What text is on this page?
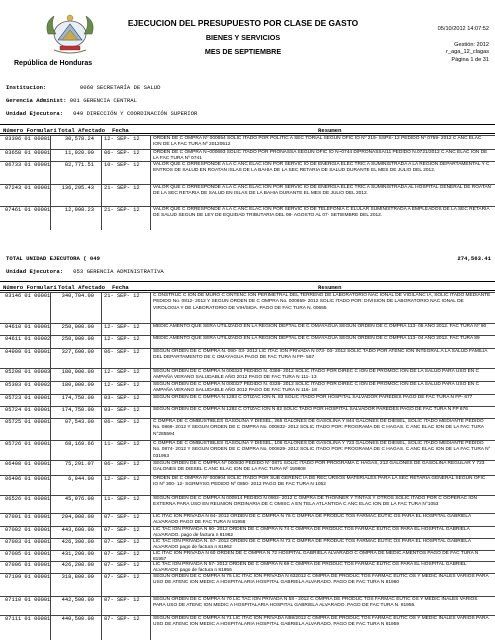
República de Honduras
EJECUCION DEL PRESUPUESTO POR CLASE DE GASTO
BIENES Y SERVICIOS
MES DE SEPTIEMBRE
05/10/2012 14:07:52
Gestión: 2012
r_aga_12_clagas
Página 1 de 31
Institucion:	0060 SECRETARÍA DE SALUD
Gerencia Administ: 001 GERENCIA CENTRAL
Unidad Ejecutora: 049 DIRECCIÓN Y COORDINACIÓN SUPERIOR
Número Formulari Total Afectado Fecha	Resumen
03396 01 00001	30,578.24 12- SEP- 12	ORDEN DE C OMPRA Nº 000654 SOLIC ITADO POR POLITIC A SEC TORIAL SEGUN OFIC IO Nº 219- SSPS- 12 PEDIDO Nº 0759- 2012 C ANC ELAC ION DE LA FAC TURA Nº 20120512
03658 01 00001	11,920.00 06- SEP- 12	ORDEN DE C OMPRA N~000693 SOLIC ITADO POR PRONASSA SEGUN OFIC IO N~0744 D/PRONASSA/11 PEDIDO N.0721/2012 C ANC ELAC ION DE LA FAC TURA Nº 0741
06733 01 00001	82,771.51 10- SEP- 12	VALOR QUE C ORRESPONDE A LA C ANC ELAC ION POR SERVIC IO DE ENERGIA ELEC TRIC A SUMINISTRADA A LA REGION DEPARTAMENTAL Y C ENTROS DE SALUD EN ROATAN ISLAS DE LA BAHIA DE LA SEC RETARIA DE SALUD DURANTE EL MES DE JULIO DEL 2012.
07243 01 00001	136,295.43 21- SEP- 12	VALOR QUE C ORRESPONDE A LA C ANC ELAC ION POR SERVIC IO DE ENERGIA ELEC TRIC A SUMINISTRADA AL HOSPITAL GENERAL DE ROATAN DE LA SEC RETARIA DE SALUD EN ISLAS DE LA BAHIA DURANTE EL MES DE JULIO DEL 2012.
07461 01 00001	12,998.23 21- SEP- 12	VALOR QUE C ORRESPONDE A LA C ANC ELAC ION POR SERVIC IO DE TELEFONIA C ELULAR SUMINISTRADA A EMPLEADOS DE LA SEC RETARIA DE SALUD SEGUN DE LEY DE EQUIDAD TRIBUTARIA DEL 08- AGOSTO AL 07- SETIEMBRE DEL 2012.
TOTAL UNIDAD EJECUTORA ( 049	274,563.41
Unidad Ejecutora: 053 GERENCIA ADMINISTRATIVA
Número Formulari Total Afectado Fecha	Resumen
03146 01 00001	340,704.00 21- SEP- 12	C ONSTRUC C ION DE MURO C ONTENC ION PERIMETRAL DEL TERRENO DE LABORATORIO NAC IONAL DE VIGILANC IA, SOLIC ITADO MEDIANTE PEDIDO No. 0812- 2012 Y SEGUN ORDEN DE C OMPRA No. 000659- 2012 SOLIC ITADO POR: DIVISION DE LABORATORIO NAC IONAL DE VIROLOGIA Y DE LABORATORIO DE VIH/SIDA. PAGO DE FAC TURA N. 00655
04610 01 00001	250,000.00 12- SEP- 12	MEDIC AMENTO QUE SERA UTILIZADO EN LA REGION DEPTAL DE C OMAYAGUA SEGUN ORDEN DE C OMPRA 113- 05 AÑO 2012. FAC TURA Nº 90
04611 01 00002	250,000.00 12- SEP- 12	MEDIC AMENTO QUE SERA UTILIZADO EN LA REGION DEPTAL DE C OMAYAGUA SEGUN ORDEN DE C OMPRA 113- 04 AÑO 2012. FAC TURA 89
04909 01 00001	327,600.00 06- SEP- 12	SEGUN ORDEN DE C OMPRA N. 090- 03- 2012 LIC ITAC ION PRIVADA N 073- 03- 2012 SOLIC TADO POR ATENC ION INTEGRAL A LA SALUD FAMILIA DEL DEPARTAMENTO DE C OMAYAGUA PAGO DE FAC TURA N FP- 567
05298 01 00003	180,000.00 12- SEP- 12	SEGUN ORDEN DE C OMPRA N 000323 PEDIDO N. 0369- 2012 SOLIC ITADO POR DIREC C ION DE PROMOC ION DE LA SALUD PARA USO EN C AMPAÑA VERANO SALUDABLE AÑO 2012 PAGO DE FAC TURA N 111- 13
05303 01 00002	180,000.00 12- SEP- 12	SEGUN ORDEN DE C OMPRA N 000327 PEDIDO N. 0328- 2012 SOLIC ITADO POR DIREC C ION DE PROMOC ION DE LA SALUD PARA USO EN C AMPAÑA VERANO SALUDABLE AÑO 2012 PAGO DE FAC TURA N 116- 18
05723 01 00001	174,750.00 03- SEP- 12	SEGUN ORDEN DE C OMPRA N 1283 C OTIZAC ION N. 83 SOLIC ITADO POR HOSPITAL SALVADOR PAREDES PAGO DE FAC TURA N FP- 677
05724 01 00001	174,750.00 03- SEP- 12	SEGUN ORDEN DE C OMPRA N 1282 C OTIZAC ION N 82 SOLIC TADO POR HOSPITAL SALVADOR PAREDES PAGO DE FAC TURA N FP 676
05725 01 00001	97,543.00 06- SEP- 12	C OMPRA DE C OMBUSTIBLES GASOLINA Y DIESEL, 265 GALONES DE GASOLINA Y 844 GALONES DE DIESEL, SOLIC ITADO MEDIANTE PEDIDO No. 0869- 2012 Y SEGUN ORDEN DE C OMPRA No. 000832- 2012 SOLIC ITADO POR: PROGRAMA DE C HAGAS. C ANC ELAC ION DE LA FAC TURA N°285594
05726 01 00001	68,169.66 11- SEP- 12	C OMPRA DE C OMBUSTIBLES GASOLINA Y DIESEL, 106 GALONES DE GASOLINA Y 723 GALONES DE DIESEL, SOLIC ITADO MEDIANTE PEDIDO No. 0874- 2012 Y SEGUN ORDEN DE C OMPRA No. 000829- 2012 SOLIC ITADO POR: PROGRAMA DE C HAGAS. C ANC ELAC ION DE LA FAC TURA N° 031963
06408 01 00001	75,291.07 06- SEP- 12	SEGUN ORDEN DE C OMPRA Nº 000830 PEDIDO Nº 0871 SOLIC ITADO POR PROGRAMA C HAGAS, 212 GALONES DE GASOLINA REGULAR Y 723 GALONES DE DIESEL C ANC ELAC ION DE LA FAC TURA Nº 159808
06496 01 00001	6,944.00 12- SEP- 12	ORDEN DE C OMPRA Nº 000904 SOLIC ITADO POR SUB GERENC IA DE REC URSOS MATERIALES PARA LA SEC RETARIA GENERAL SEGUN OFIC IO Nº 300- 12- SGRMYSG PEDIDO Nº 0850- 2012 PAGO DE FAC TURA N 1052
06526 01 00001	45,976.00 11- SEP- 12	SEGUN ORDEN DE C OMPRA N 000914 PEDIDO N 0902- 2012 C OMPRA DE THONNER Y TINTAS Y OTROS SOLIC ITADO POR C OOPERAC ION EXTERNA PARA USO EN REUNION ORDINARIA DE C OMISC A EN TELA ATLANTIDA C ANC ELAC ION DE LA FAC TURA N°1053
07001 01 00001	294,000.00 07- SEP- 12	LIC ITAC ION PRIVADA N 64- 2012 ORDEN DE C OMPRA N 76 C OMPRA DE PRODUC TOS FARMAC EUTIC OS PARA EL HOSPITAL GABRIELA ALVARADO PAGO DE FAC TURA N 81958
07002 01 00001	443,600.00 07- SEP- 12	LIC TAC ION PRIVADA N 60- 2012 ORDEN DE C OMPRA N 74 C OMPRA DE PRODUC TOS FARMAC EUTIC OS PARA EL HOSPITAL GABRIELA ALVARADO. pago de factura n 81962
07003 01 00001	426,300.00 07- SEP- 12	LIC TAC ION PRIVADA N. 67- 2012 ORDEN DE C OMPRA N 73 C OMPRA DE PRODUC TOS FARMAC EUTIC OS PARA EL HOSPITAL GABRIELA ALVARADO pago de factura n 81962
07005 01 00001	431,200.00 07- SEP- 12	LIC ITAC ION PRIVADA N 60 ORDEN DE C OMPRA N 72 HOSPITAL GABRIELA ALVARADO C OMPRA DE MEDIC AMENTOS PAGO DE FAC TURA N 81957
07006 01 00001	426,200.00 07- SEP- 12	LIC TAC ION PRIVADA N 57- 2012 ORDEN DE C OMPRA N 69 C OMPRA DE PRODUC TOS FARMAC EUTIC OS PARA EL HOSPITAL GABRIEL ALVARADO pago de factura n 81956
07109 01 00001	318,800.00 07- SEP- 12	SEGUN ORDEN DE C OMPRA N 75 LIC ITAC ION PRIVADA N 632012 C OMPRA DE PRODUC TOS FARMAC EUTIC OS Y MEDIC INALES VARIOS PARA USO DE ATENC ION MEDIC A HOSPITALARIA HOSPITAL GABRIELA ALVARADO. PAGO DE FAC TURA N 81960
07110 01 00001	442,500.00 07- SEP- 12	SEGUN ORDEN DE C OMPRA N 70 LIC TAC ION PRIVADA N 58 - 2012 C OMPRA DE PRODUC TOS FARMAC EUTIC OS Y MEDIC INALES VARIOS PARA USO DE ATENC ION MEDIC A HOSPITALARIA HOSPITAL GABRIELA ALVARADO. PAGO DE FAC TURA N. 81955.
07111 01 00001	440,500.00 07- SEP- 12	SEGUN ORDEN DE C OMPRA N 71 LIC ITAC ION PRIVADA N59/2012 C OMPRA DE PRODUC TOS FARMAC EUTIC OS Y MEDIC INALES VARIOS PARA USO DE ATENC ION MEDIC A HOSPITALARIA HOSPITAL GABRIELA ALVARADO. PAGO DE FAC TURA N 81959
